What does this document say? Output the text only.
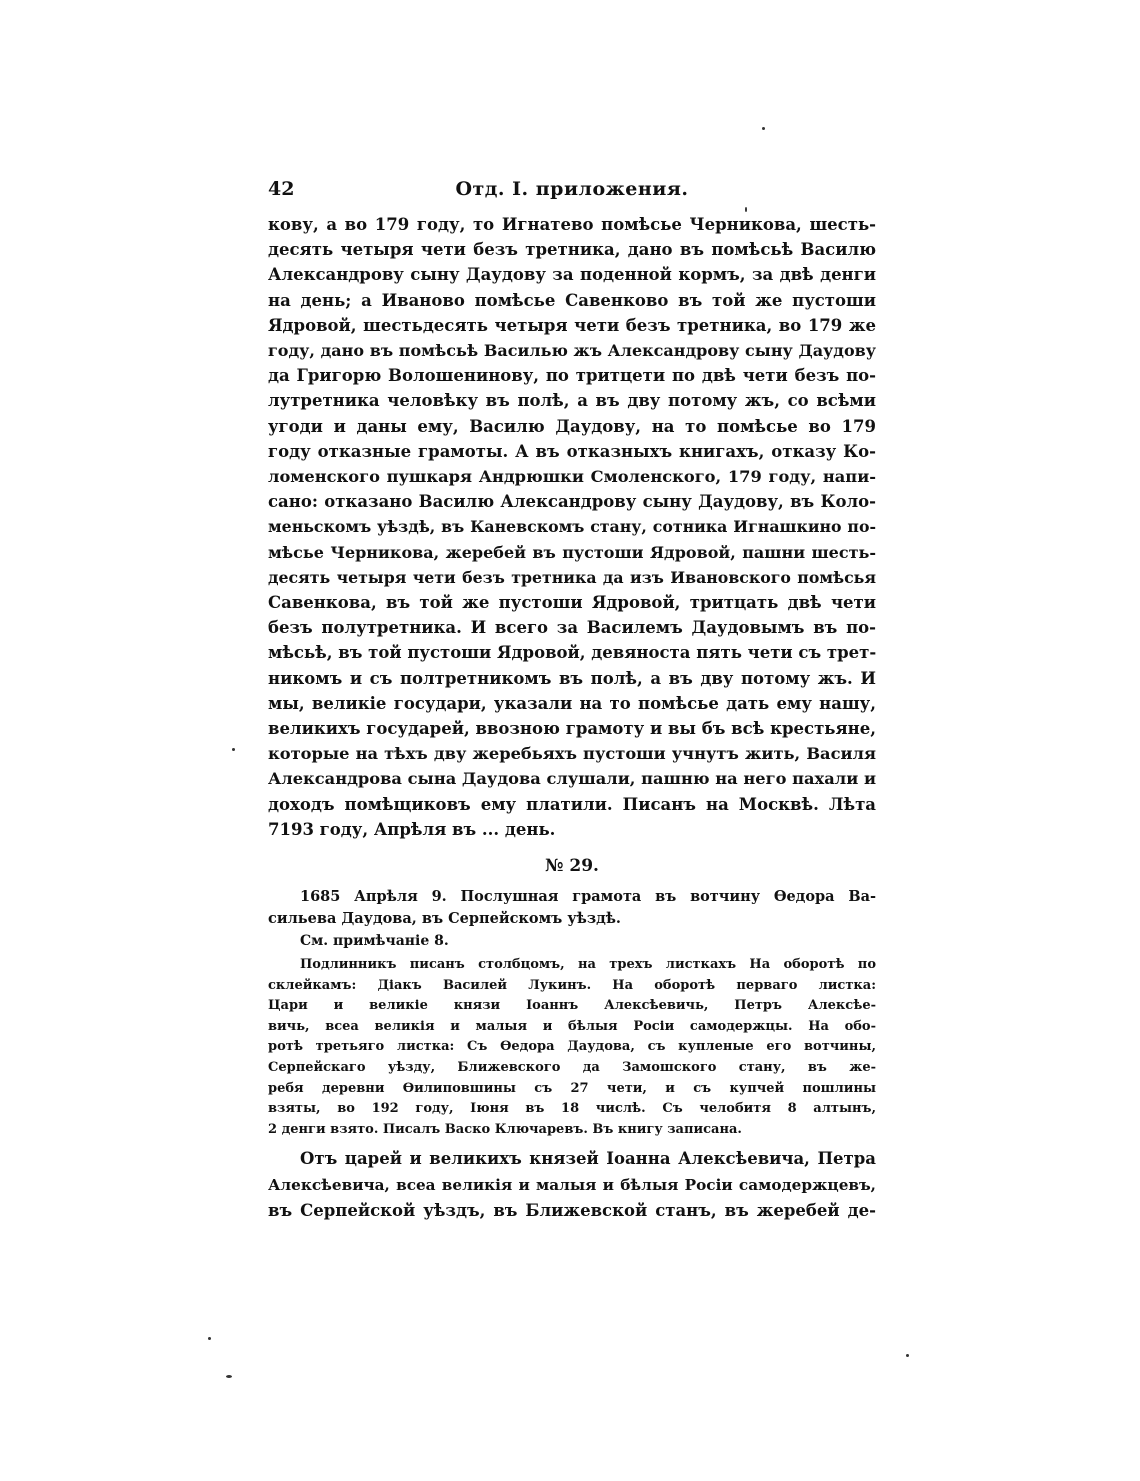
42	Отд. I. приложения.
кову, а во 179 году, то Игнатево помѣсье Черникова, шесть-
десять четыря чети безъ третника, дано въ помѣсьѣ Василю
Александрову сыну Даудову за поденной кормъ, за двѣ денги
на день; а Иваново помѣсье Савенково въ той же пустоши
Ядровой, шестьдесять четыря чети безъ третника, во 179 же
году, дано въ помѣсьѣ Василью жъ Александрову сыну Даудову
да Григорю Волошенинову, по тритцети по двѣ чети безъ по-
лутретника человѣку въ полѣ, а въ дву потому жъ, со всѣми
угоди и даны ему, Василю Даудову, на то помѣсье во 179
году отказные грамоты. А въ отказныхъ книгахъ, отказу Ко-
ломенского пушкаря Андрюшки Смоленского, 179 году, напи-
сано: отказано Василю Александрову сыну Даудову, въ Коло-
меньскомъ уѣздѣ, въ Каневскомъ стану, сотника Игнашкино по-
мѣсье Черникова, жеребей въ пустоши Ядровой, пашни шесть-
десять четыря чети безъ третника да изъ Ивановского помѣсья
Савенкова, въ той же пустоши Ядровой, тритцать двѣ чети
безъ полутретника. И всего за Василемъ Даудовымъ въ по-
мѣсьѣ, въ той пустоши Ядровой, девяноста пять чети съ трет-
никомъ и съ полтретникомъ въ полѣ, а въ дву потому жъ. И
мы, великіе государи, указали на то помѣсье дать ему нашу,
великихъ государей, ввозною грамоту и вы бъ всѣ крестьяне,
которые на тѣхъ дву жеребьяхъ пустоши учнутъ жить, Василя
Александрова сына Даудова слушали, пашню на него пахали и
доходъ помѣщиковъ ему платили. Писанъ на Москвѣ. Лѣта
7193 году, Апрѣля въ ... день.
№ 29.
1685 Апрѣля 9. Послушная грамота въ вотчину Өедора Ва-
сильева Даудова, въ Серпейскомъ уѣздѣ.
См. примѣчаніе 8.
Подлинникъ писанъ столбцомъ, на трехъ листкахъ На оборотѣ по
склейкамъ: Діакъ Василей Лукинъ. На оборотѣ перваго листка:
Цари и великіе князи Іоаннъ Алексѣевичь, Петръ Алексѣе-
вичь, всеа великія и малыя и бѣлыя Росіи самодержцы. На обо-
ротѣ третьяго листка: Съ Өедора Даудова, съ купленые его вотчины,
Серпейскаго уѣзду, Ближевского да Замошского стану, въ же-
ребя деревни Өилиповшины съ 27 чети, и съ купчей пошлины
взяты, во 192 году, Іюня въ 18 числѣ. Съ челобитя 8 алтынъ,
2 денги взято. Писалъ Васко Ключаревъ. Въ книгу записана.
Отъ царей и великихъ князей Іоанна Алексѣевича, Петра
Алексѣевича, всеа великія и малыя и бѣлыя Росіи самодержцевъ,
въ Серпейской уѣздъ, въ Ближевской станъ, въ жеребей де-
